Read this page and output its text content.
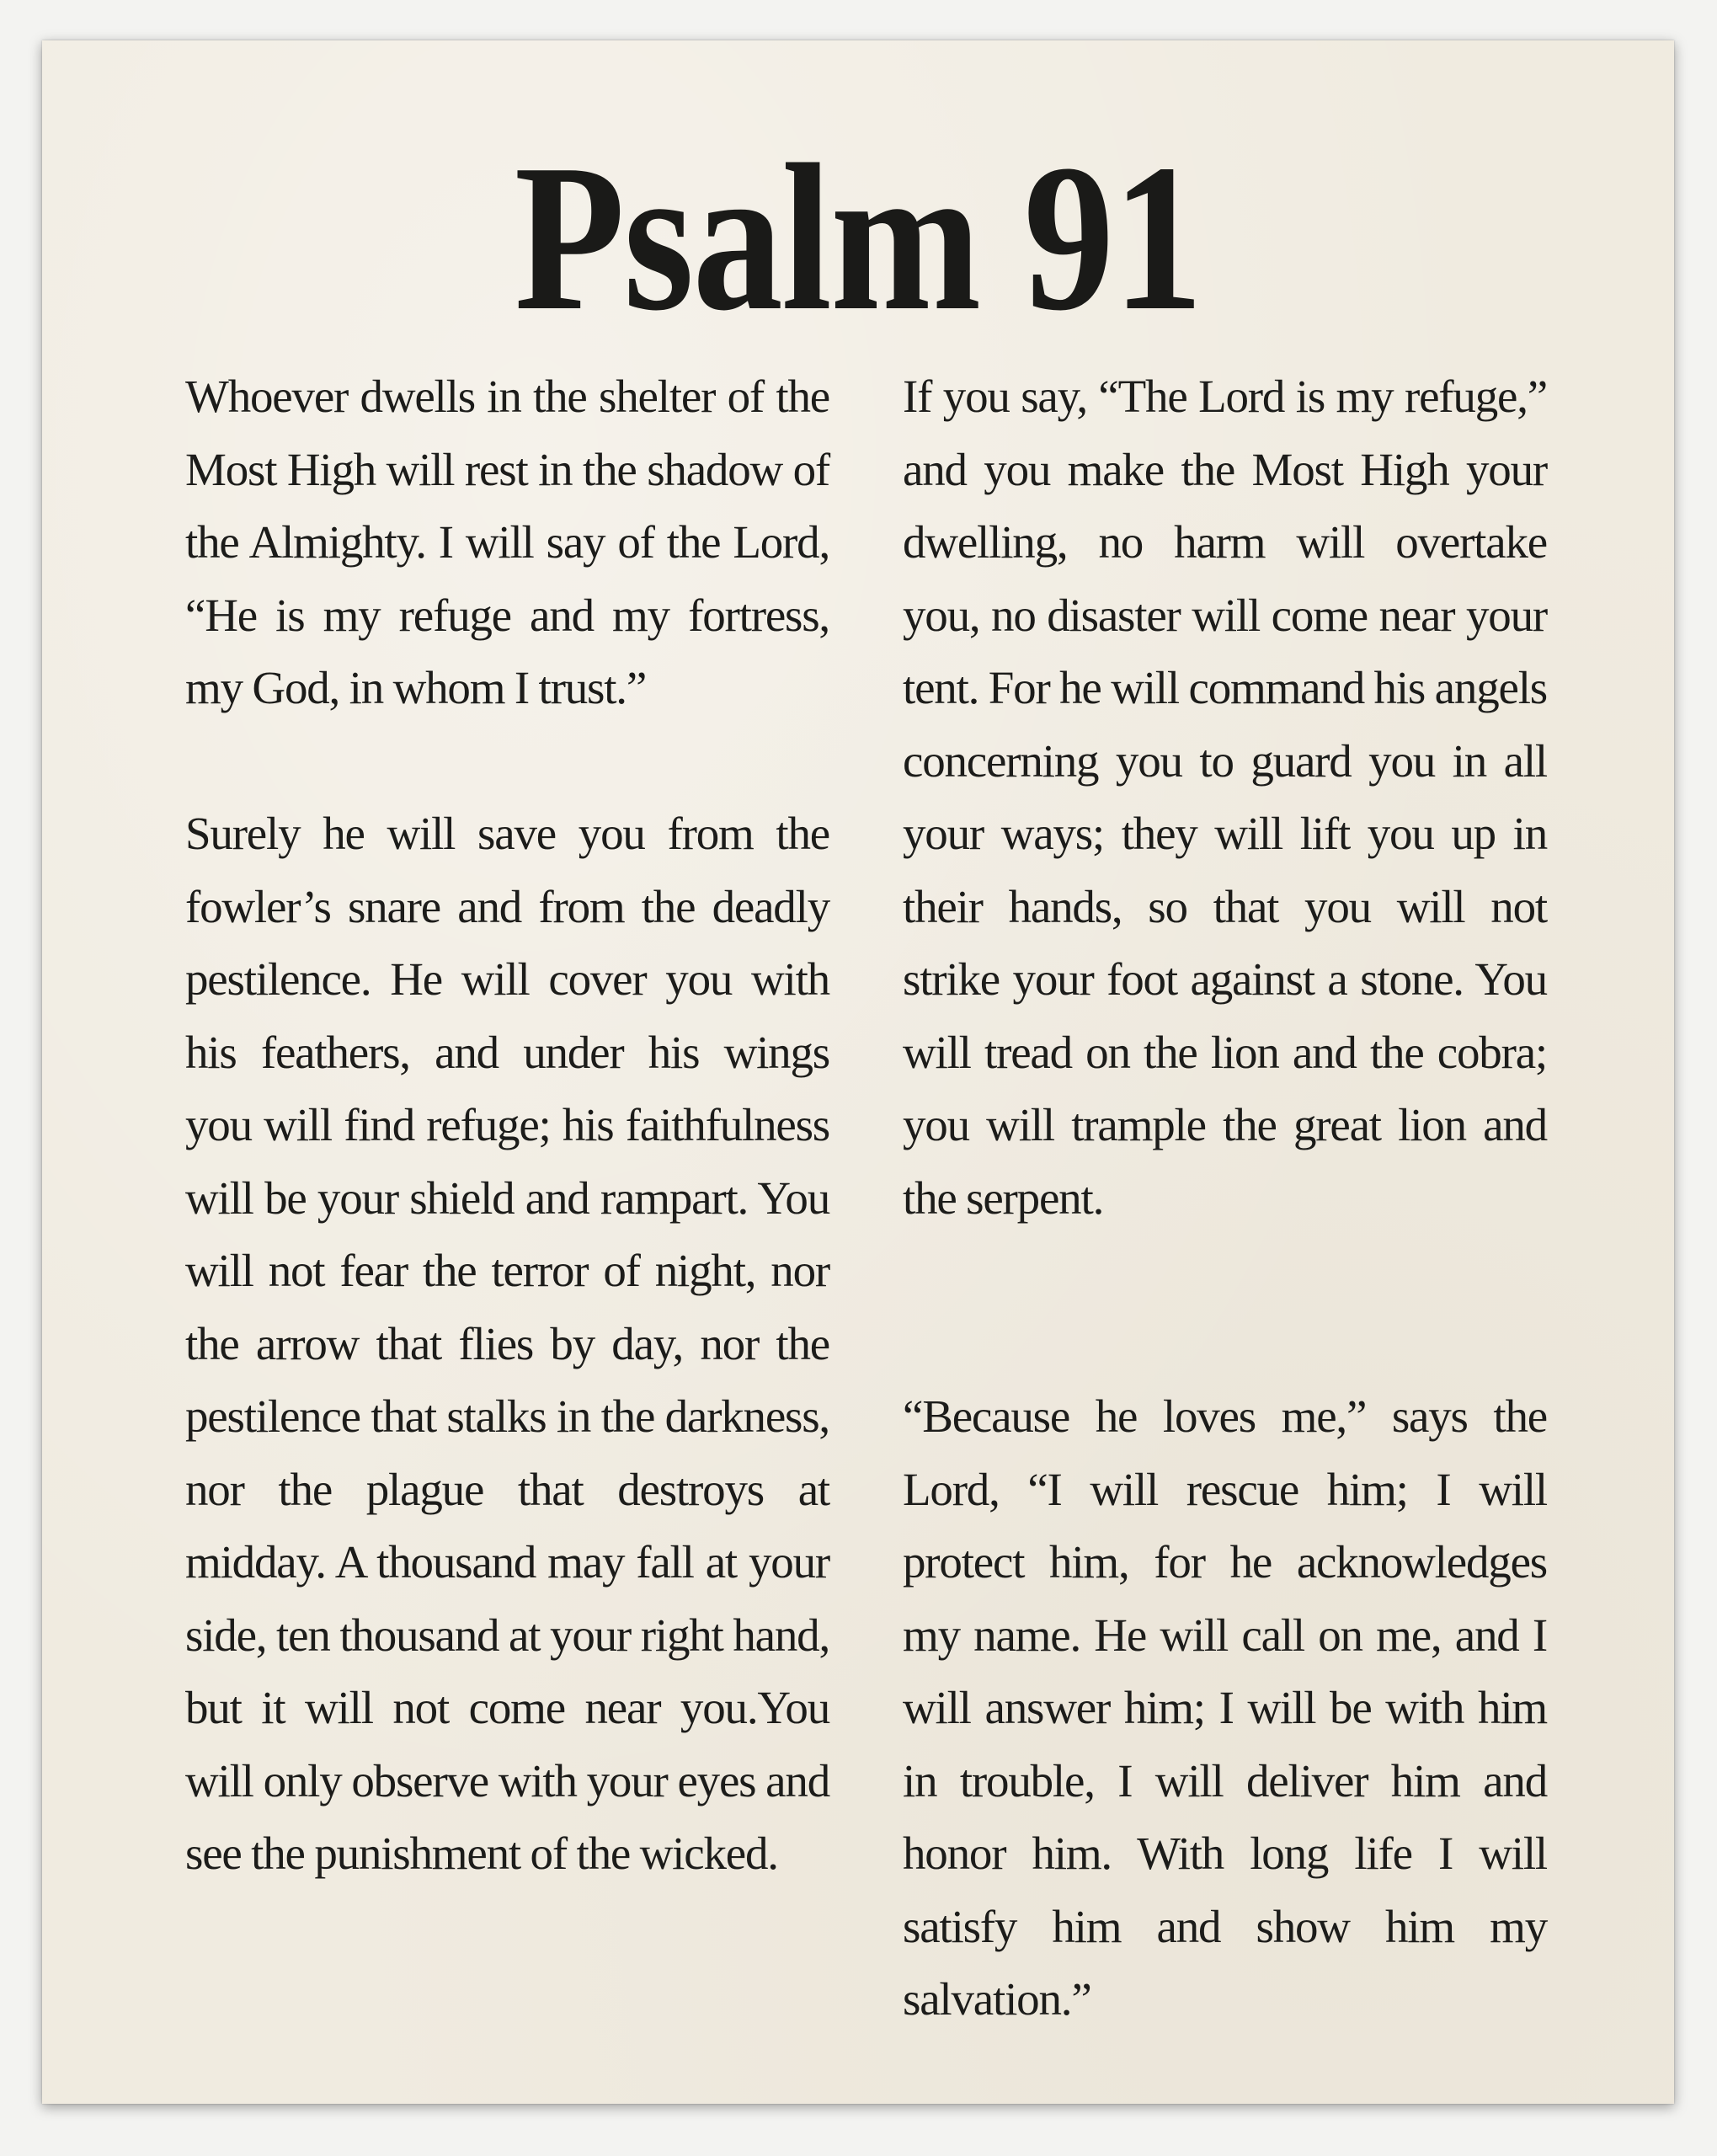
Psalm 91

Whoever dwells in the shelter of the Most High will rest in the shadow of the Almighty. I will say of the Lord, “He is my refuge and my fortress, my God, in whom I trust.”

Surely he will save you from the fowler’s snare and from the deadly pestilence. He will cover you with his feathers, and under his wings you will find refuge; his faithfulness will be your shield and rampart. You will not fear the terror of night, nor the arrow that flies by day, nor the pestilence that stalks in the darkness, nor the plague that destroys at midday. A thousand may fall at your side, ten thousand at your right hand, but it will not come near you.You will only observe with your eyes and see the punishment of the wicked.

If you say, “The Lord is my refuge,” and you make the Most High your dwelling, no harm will overtake you, no disaster will come near your tent. For he will command his angels concerning you to guard you in all your ways; they will lift you up in their hands, so that you will not strike your foot against a stone. You will tread on the lion and the cobra; you will trample the great lion and the serpent.

“Because he loves me,” says the Lord, “I will rescue him; I will protect him, for he acknowledges my name. He will call on me, and I will answer him; I will be with him in trouble, I will deliver him and honor him. With long life I will satisfy him and show him my salvation.”
